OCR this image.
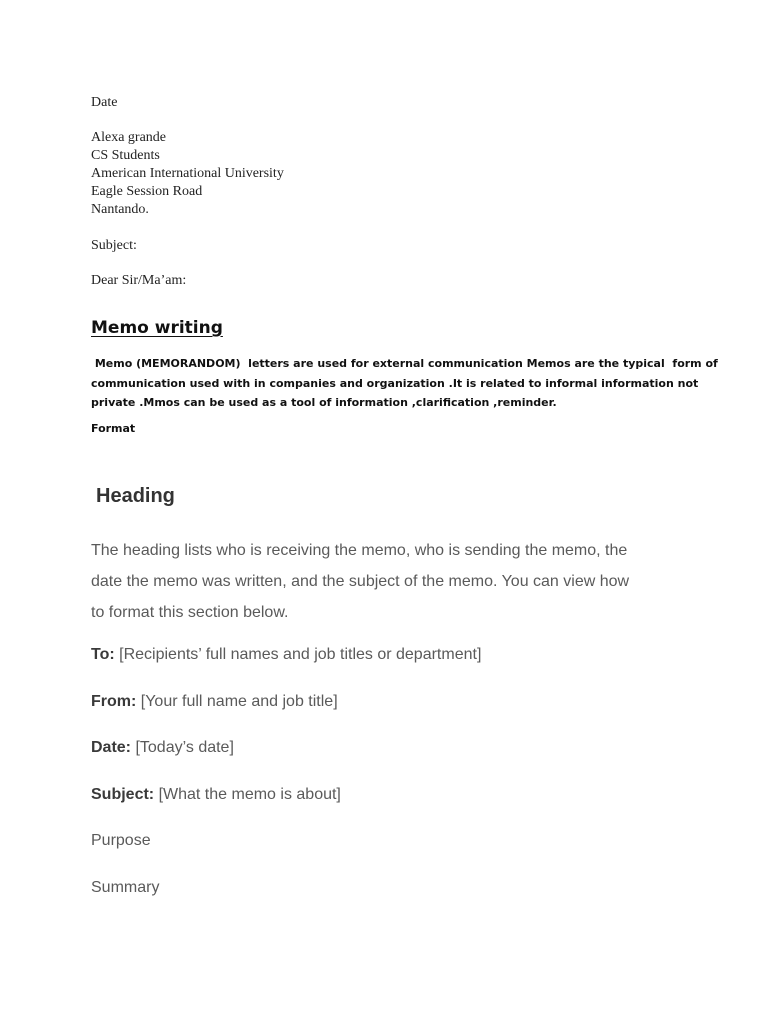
Date
Alexa grande
CS Students
American International University
Eagle Session Road
Nantando.
Subject:
Dear Sir/Ma’am:
Memo writing
Memo (MEMORANDOM)  letters are used for external communication Memos are the typical  form of
communication used with in companies and organization .It is related to informal information not
private .Mmos can be used as a tool of information ,clarification ,reminder.
Format
Heading
The heading lists who is receiving the memo, who is sending the memo, the
date the memo was written, and the subject of the memo. You can view how
to format this section below.
To: [Recipients’ full names and job titles or department]
From: [Your full name and job title]
Date: [Today’s date]
Subject: [What the memo is about]
Purpose
Summary
